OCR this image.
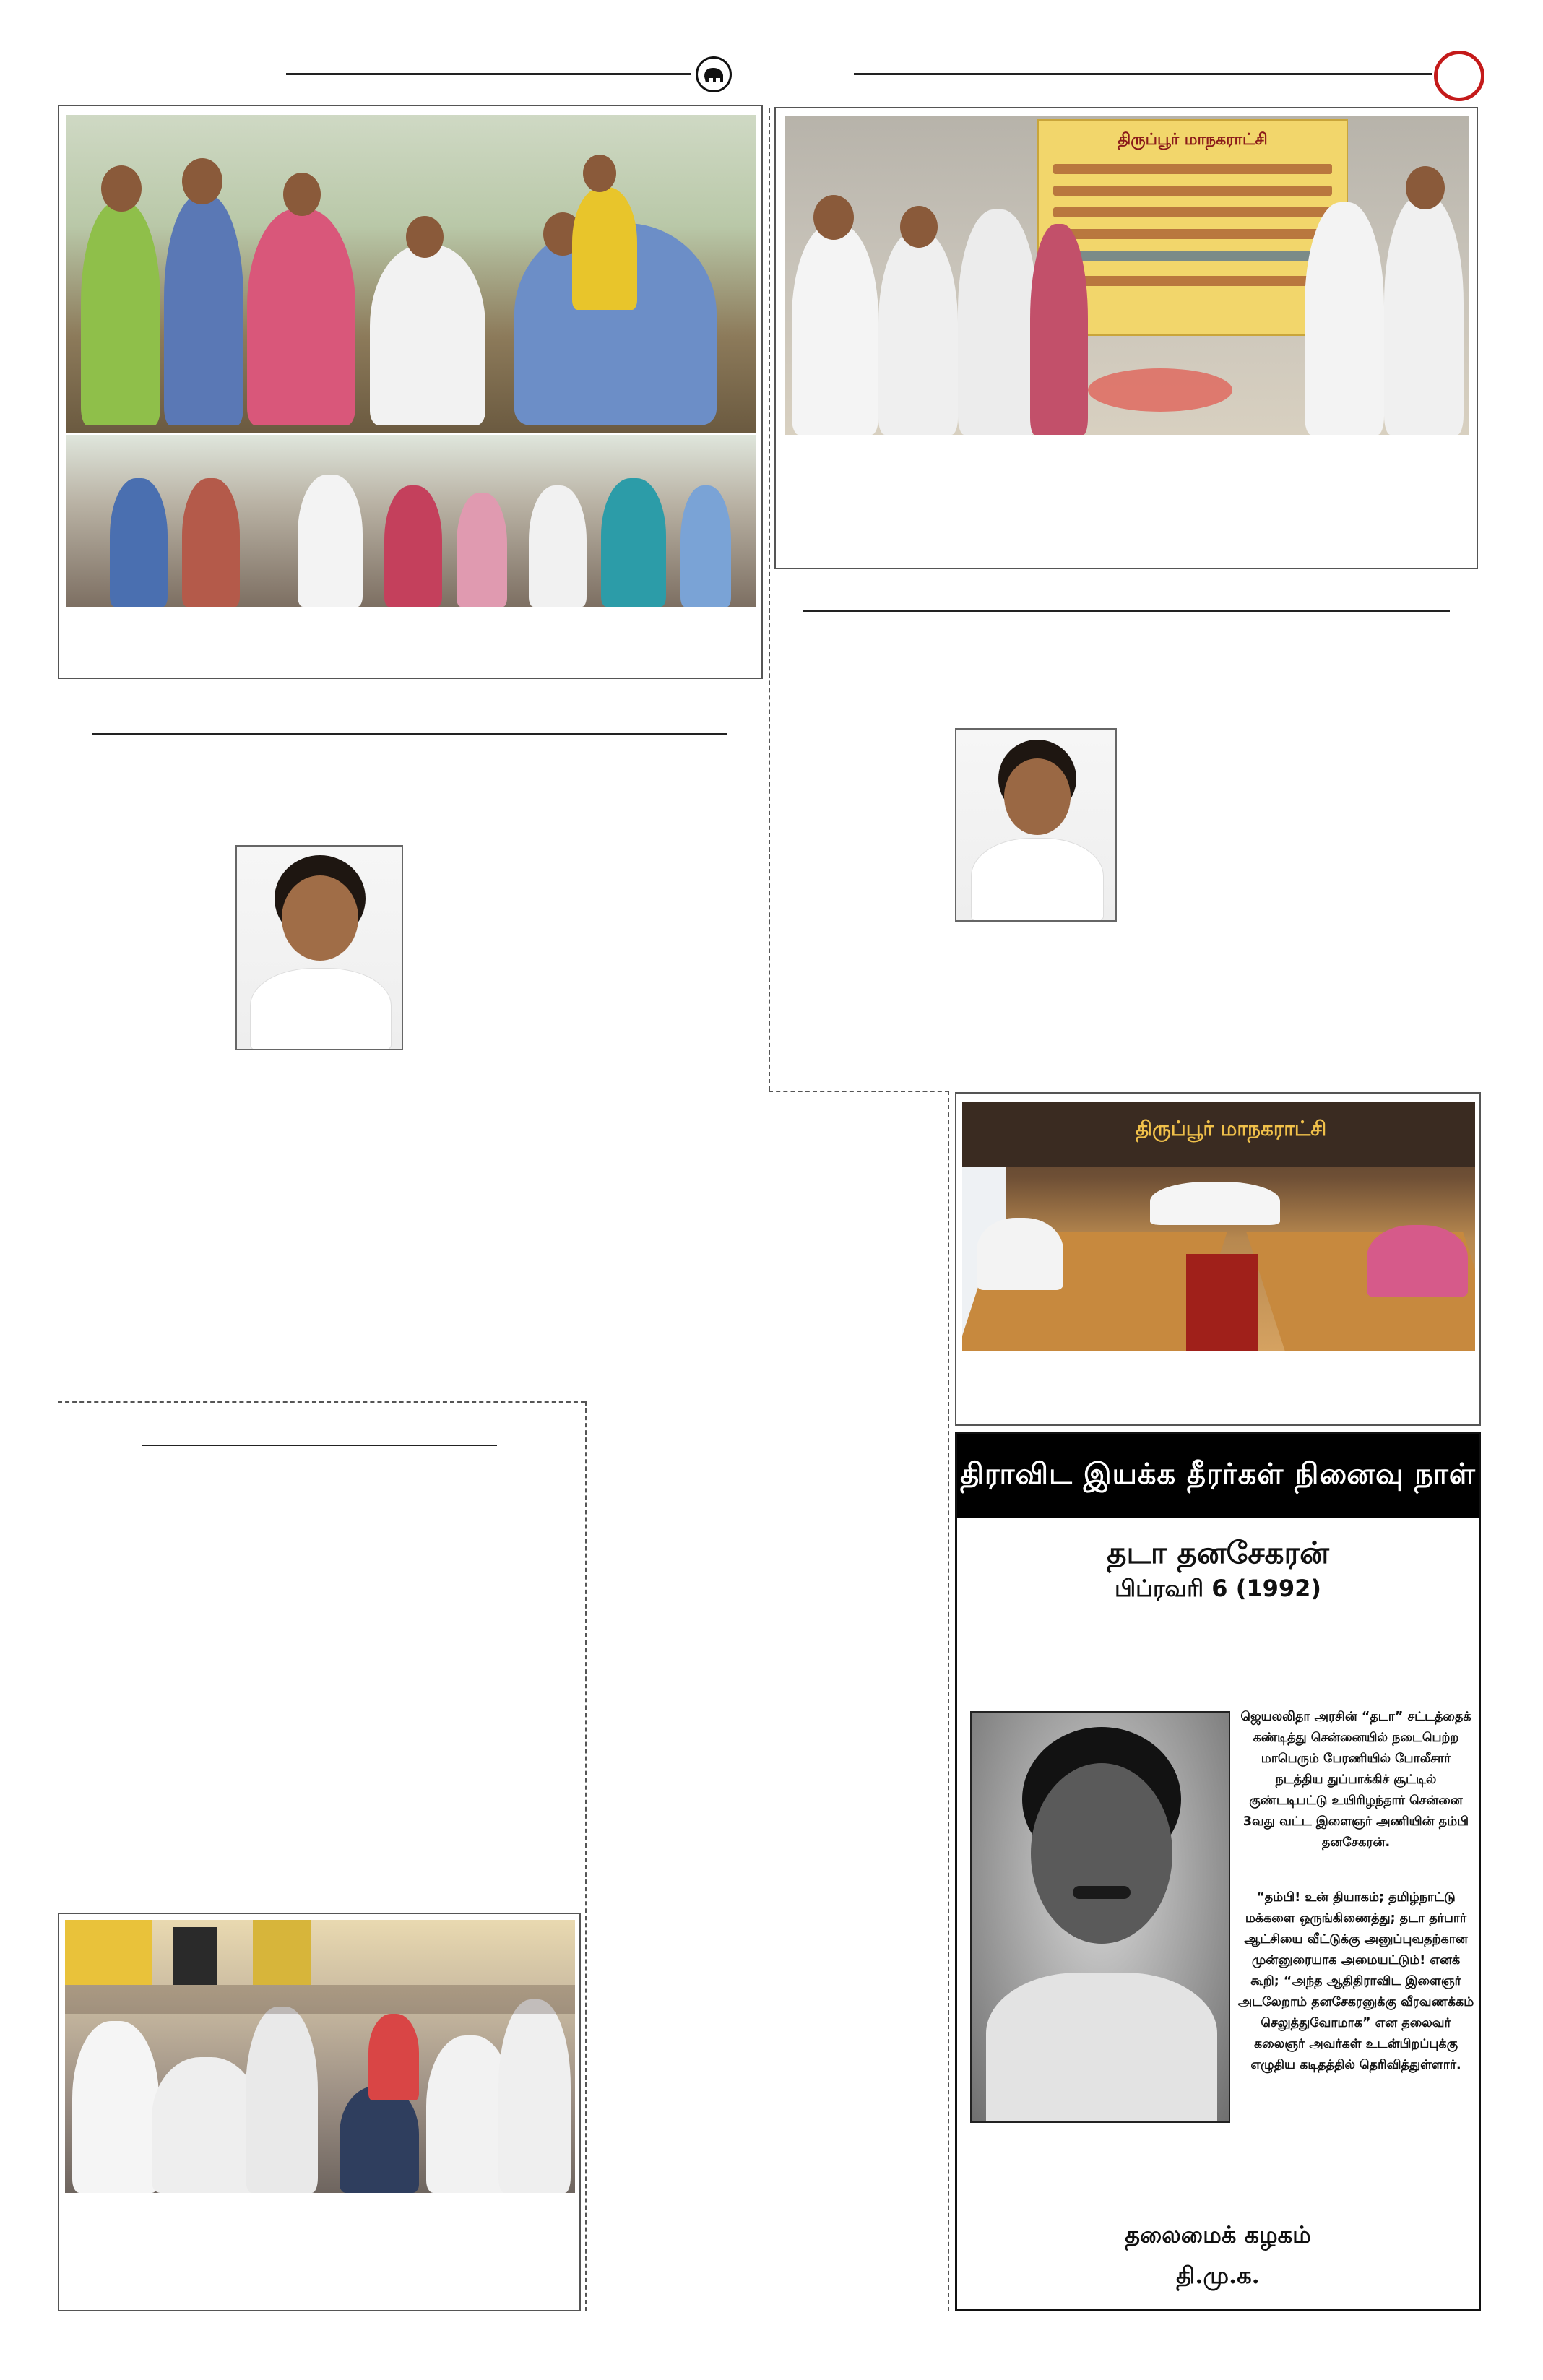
திருப்பூர் மாநகராட்சி
திருப்பூர் மாநகராட்சி
திராவிட இயக்க தீரர்கள் நினைவு நாள்
தடா தனசேகரன்
பிப்ரவரி 6 (1992)
ஜெயலலிதா அரசின் “தடா” சட்டத்தைக் கண்டித்து சென்னையில் நடைபெற்ற மாபெரும் பேரணியில் போலீசார் நடத்திய துப்பாக்கிச் சூட்டில் குண்டடிபட்டு உயிரிழந்தார் சென்னை 3வது வட்ட இளைஞர் அணியின் தம்பி தனசேகரன்.
“தம்பி! உன் தியாகம்; தமிழ்நாட்டு மக்களை ஒருங்கிணைத்து; தடா தர்பார் ஆட்சியை வீட்டுக்கு அனுப்புவதற்கான முன்னுரையாக அமையட்டும்! எனக் கூறி; “அந்த ஆதிதிராவிட இளைஞர் அடலேறாம் தனசேகரனுக்கு வீரவணக்கம் செலுத்துவோமாக” என தலைவர் கலைஞர் அவர்கள் உடன்பிறப்புக்கு எழுதிய கடிதத்தில் தெரிவித்துள்ளார்.
தலைமைக் கழகம்
தி.மு.க.
